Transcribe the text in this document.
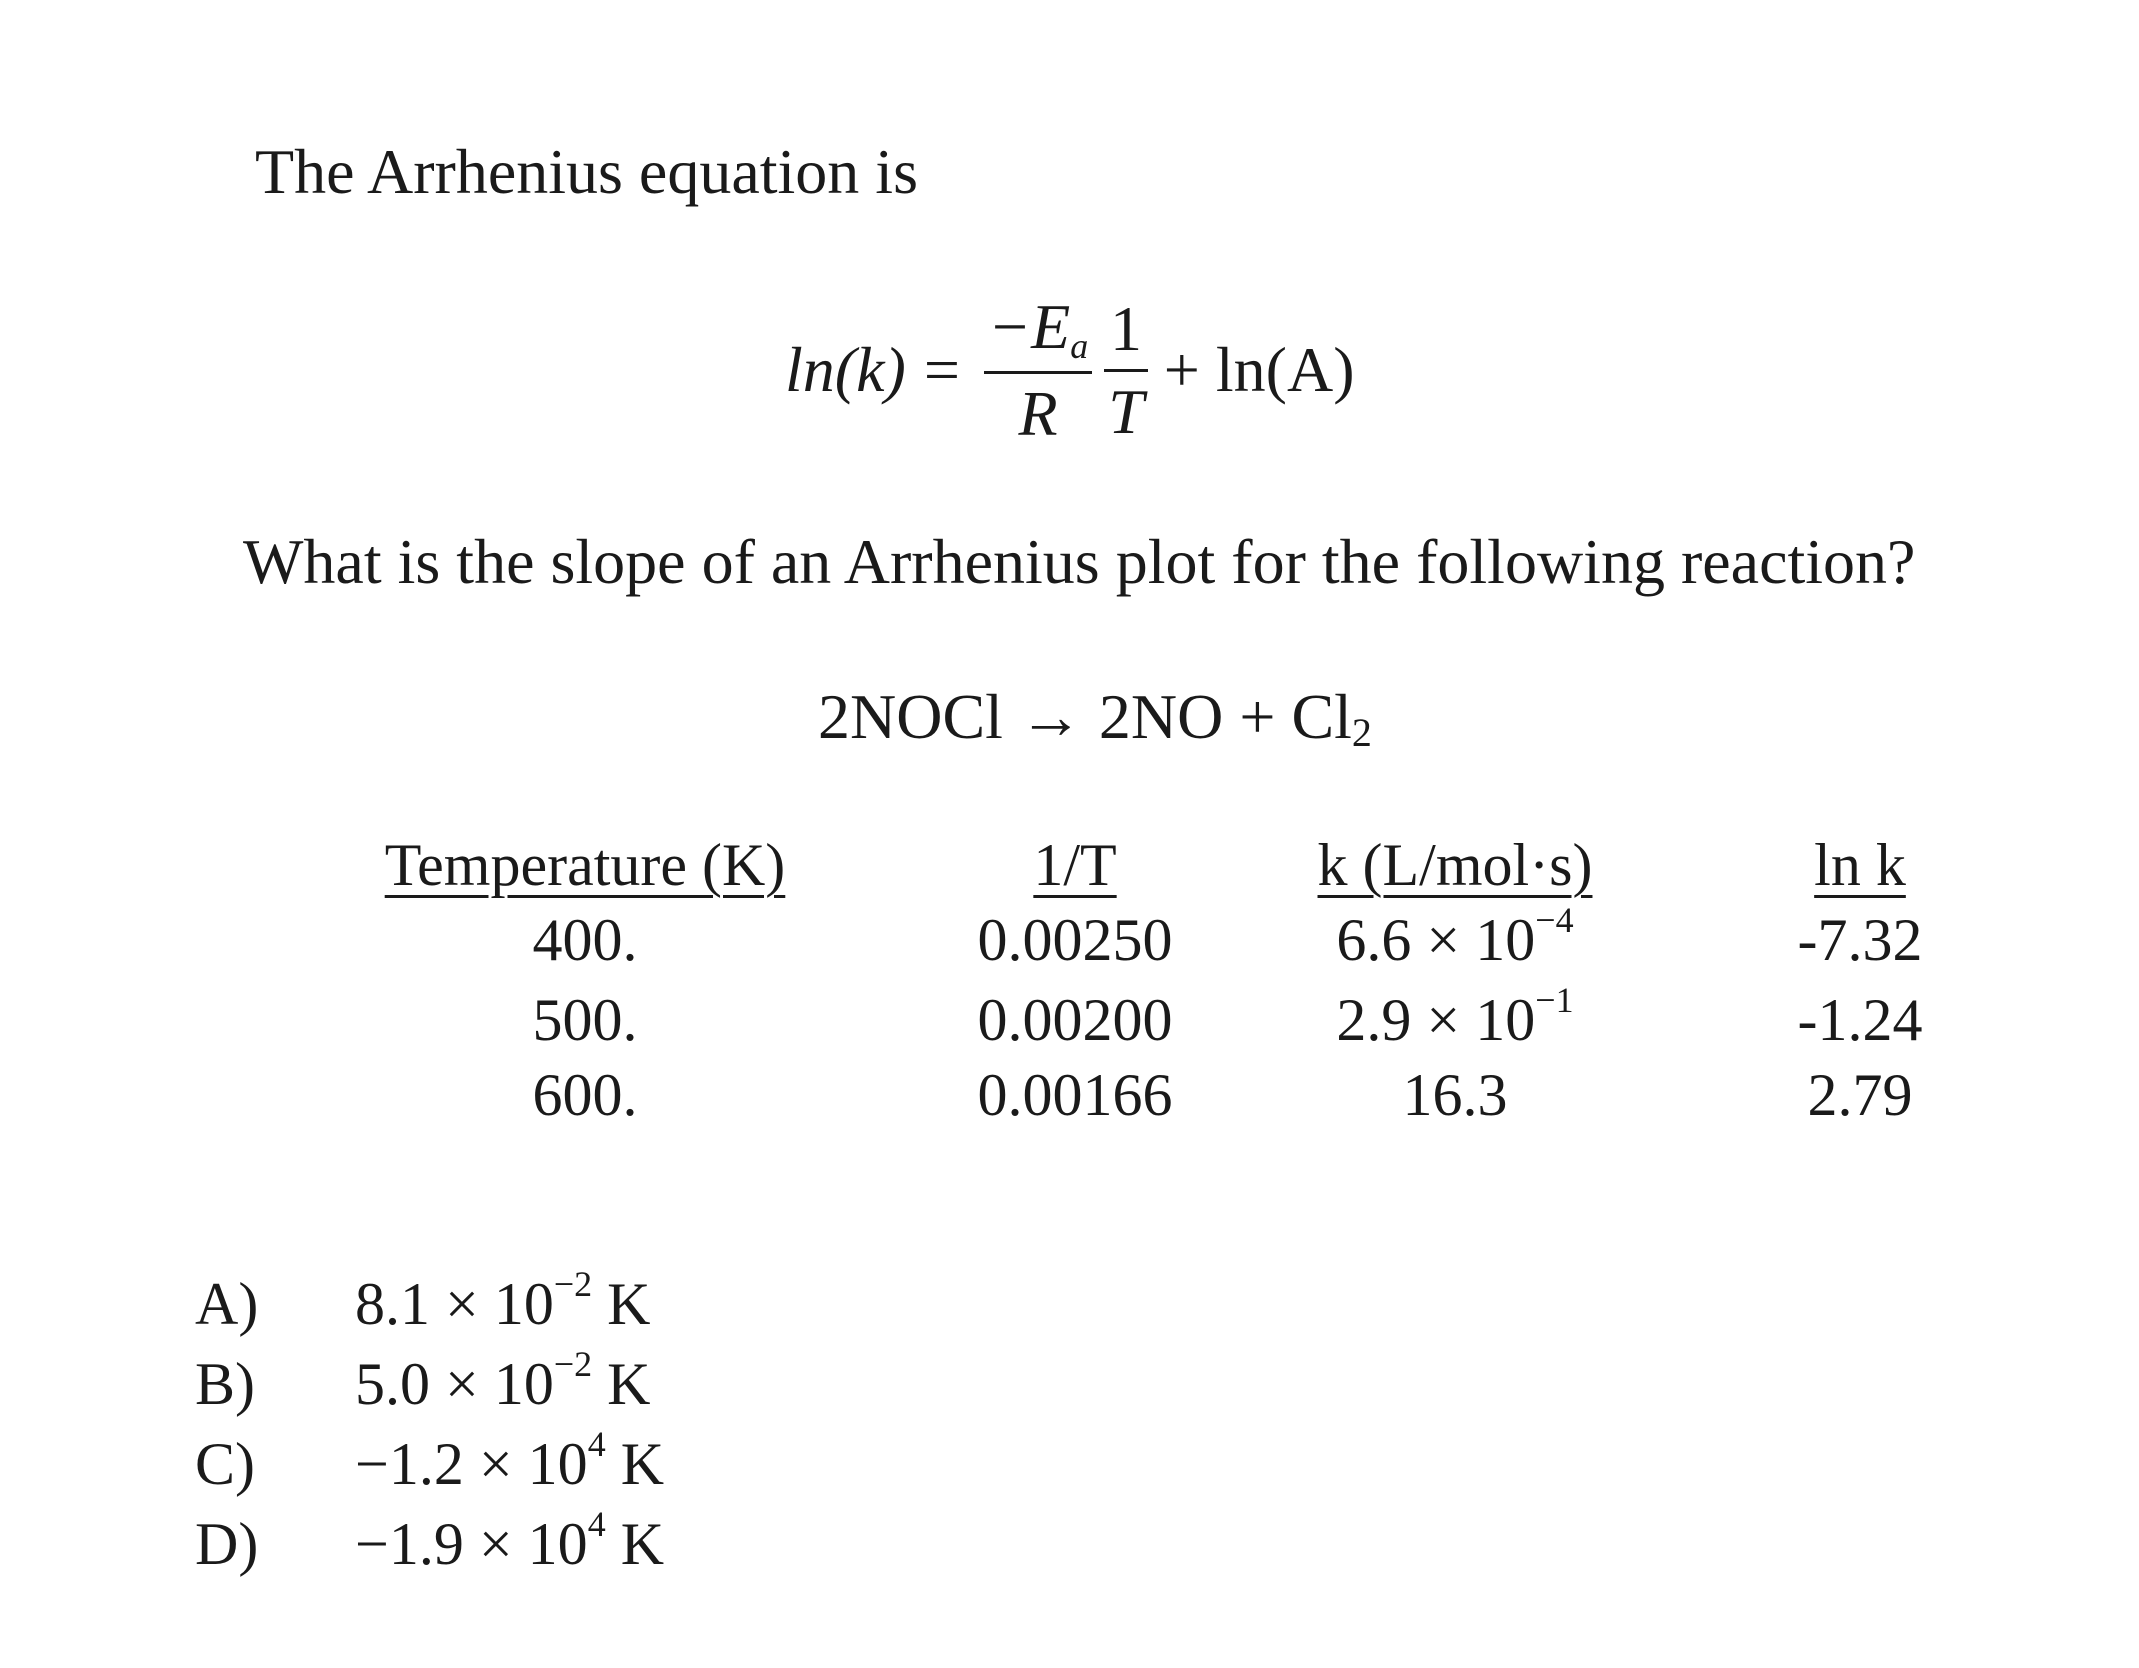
The Arrhenius equation is
$\ln(k) = \frac{-Ea}{R} \frac{1}{T} + \ln(A)$
What is the slope of an Arrhenius plot for the following reaction?
2NOCl → $2NO + Cl_2$
Temperature (K)	1/T	k (L/mol·s)	ln k
400.	0.00250	$6.6 \times 10^{-4}$	-7.32
500.	0.00200	$2.9 \times 10^{-1}$	-1.24
600.	0.00166	16.3	2.79
A) $8.1 \times 10^{-2}$ K
B) $5.0 \times 10^{-2}$ K
$C) -1.2 \times 10^4$ K
$D) -1.9 \times 10^4$ K
